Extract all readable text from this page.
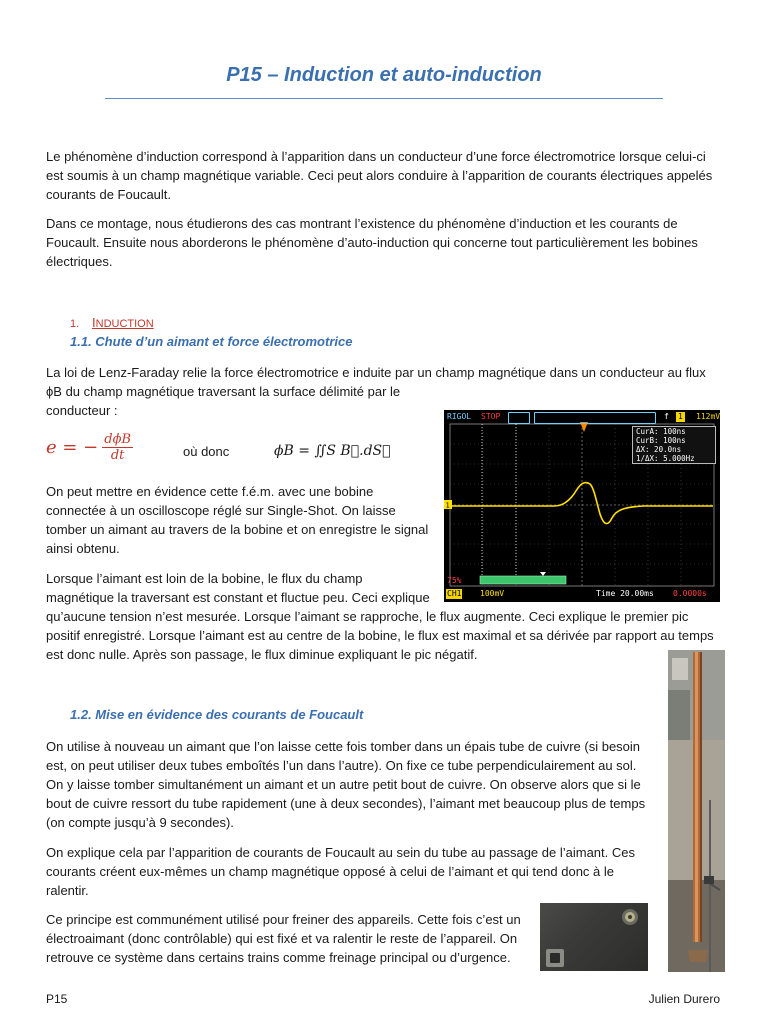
P15 – Induction et auto-induction

Le phénomène d’induction correspond à l’apparition dans un conducteur d’une force électromotrice lorsque celui-ci est soumis à un champ magnétique variable. Ceci peut alors conduire à l’apparition de courants électriques appelés courants de Foucault.

Dans ce montage, nous étudierons des cas montrant l’existence du phénomène d’induction et les courants de Foucault. Ensuite nous aborderons le phénomène d’auto-induction qui concerne tout particulièrement les bobines électriques.

1. INDUCTION
1.1. Chute d’un aimant et force électromotrice

La loi de Lenz-Faraday relie la force électromotrice e induite par un champ magnétique dans un conducteur au flux

ϕB du champ magnétique traversant la surface délimité par le

conducteur :

e = − $\frac{\text{dϕB}}{dt}$	où donc	ϕB = ∬S B⃗.dS⃗

On peut mettre en évidence cette f.é.m. avec une bobine connectée à un oscilloscope réglé sur Single-Shot. On laisse tomber un aimant au travers de la bobine et on enregistre le signal ainsi obtenu.

Lorsque l’aimant est loin de la bobine, le flux du champ magnétique la traversant est constant et fluctue peu. Ceci explique

qu’aucune tension n’est mesurée. Lorsque l’aimant se rapproche, le flux augmente. Ceci explique le premier pic positif enregistré. Lorsque l’aimant est au centre de la bobine, le flux est maximal et sa dérivée par rapport au temps est donc nulle. Après son passage, le flux diminue expliquant le pic négatif.

1
RIGOL STOP	f 1 112mV
CurA: 100ns
CurB: 100ns
ΔX: 20.0ns
1/ΔX: 5.000Hz
75%
CH1 100mV	Time 20.00ms 0.0000s
1.2. Mise en évidence des courants de Foucault

On utilise à nouveau un aimant que l’on laisse cette fois tomber dans un épais tube de cuivre (si besoin est, on peut utiliser deux tubes emboîtés l’un dans l’autre). On fixe ce tube perpendiculairement au sol. On y laisse tomber simultanément un aimant et un autre petit bout de cuivre. On observe alors que si le bout de cuivre ressort du tube rapidement (une à deux secondes), l’aimant met beaucoup plus de temps (on compte jusqu’à 9 secondes).

On explique cela par l’apparition de courants de Foucault au sein du tube au passage de l’aimant. Ces courants créent eux-mêmes un champ magnétique opposé à celui de l’aimant et qui tend donc à le ralentir.

Ce principe est communément utilisé pour freiner des appareils. Cette fois c’est un électroaimant (donc contrôlable) qui est fixé et va ralentir le reste de l’appareil. On retrouve ce système dans certains trains comme freinage principal ou d’urgence.

P15	Julien Durero
